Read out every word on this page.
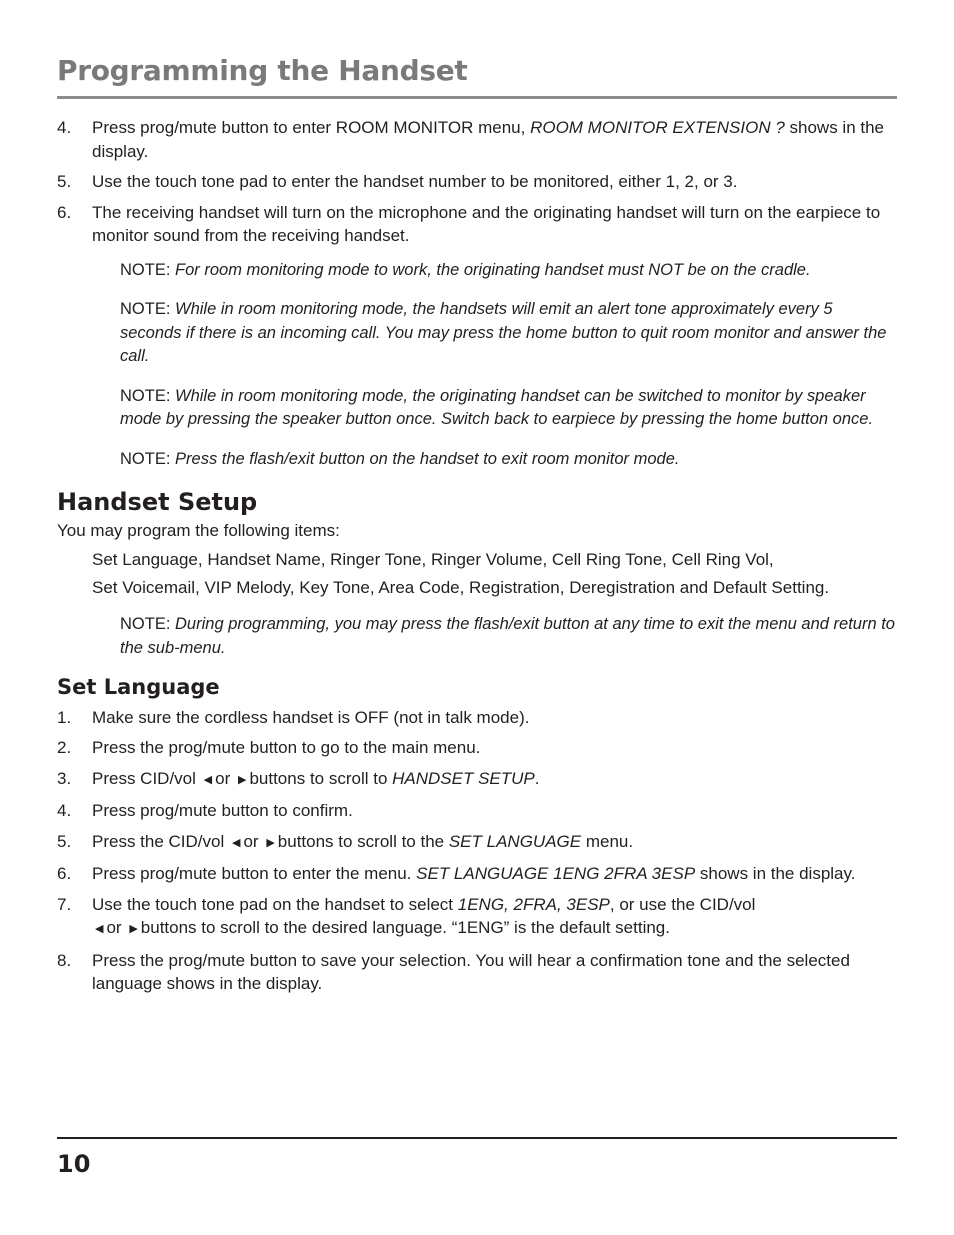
Programming the Handset
4. Press prog/mute button to enter ROOM MONITOR menu, ROOM MONITOR EXTENSION ? shows in the display.
5. Use the touch tone pad to enter the handset number to be monitored, either 1, 2, or 3.
6. The receiving handset will turn on the microphone and the originating handset will turn on the earpiece to monitor sound from the receiving handset.

NOTE: For room monitoring mode to work, the originating handset must NOT be on the cradle.

NOTE: While in room monitoring mode, the handsets will emit an alert tone approximately every 5 seconds if there is an incoming call. You may press the home button to quit room monitor and answer the call.

NOTE: While in room monitoring mode, the originating handset can be switched to monitor by speaker mode by pressing the speaker button once. Switch back to earpiece by pressing the home button once.

NOTE: Press the flash/exit button on the handset to exit room monitor mode.

Handset Setup

You may program the following items:

Set Language, Handset Name, Ringer Tone, Ringer Volume, Cell Ring Tone, Cell Ring Vol,
Set Voicemail, VIP Melody, Key Tone, Area Code, Registration, Deregistration and Default Setting.

NOTE: During programming, you may press the flash/exit button at any time to exit the menu and return to the sub-menu.

Set Language
1. Make sure the cordless handset is OFF (not in talk mode).
2. Press the prog/mute button to go to the main menu.
3. Press CID/vol ◀ or ▶ buttons to scroll to HANDSET SETUP.
4. Press prog/mute button to confirm.
5. Press the CID/vol ◀ or ▶ buttons to scroll to the SET LANGUAGE menu.
6. Press prog/mute button to enter the menu. SET LANGUAGE 1ENG 2FRA 3ESP shows in the display.
7. Use the touch tone pad on the handset to select 1ENG, 2FRA, 3ESP, or use the CID/vol
◀ or ▶ buttons to scroll to the desired language. “1ENG” is the default setting.
8. Press the prog/mute button to save your selection. You will hear a confirmation tone and the selected language shows in the display.
10
